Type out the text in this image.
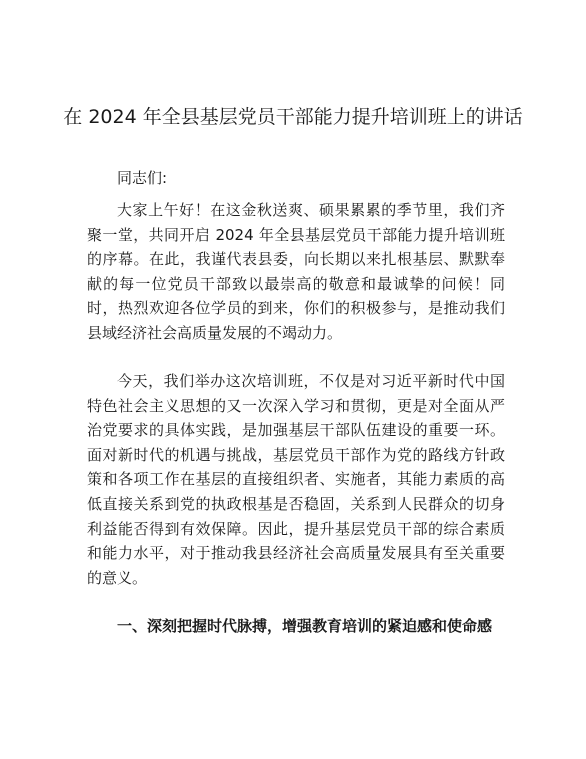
在 2024 年全县基层党员干部能力提升培训班上的讲话

同志们:

大家上午好！在这金秋送爽、硕果累累的季节里，我们齐聚一堂，共同开启 2024 年全县基层党员干部能力提升培训班的序幕。在此，我谨代表县委，向长期以来扎根基层、默默奉献的每一位党员干部致以最崇高的敬意和最诚挚的问候！同时，热烈欢迎各位学员的到来，你们的积极参与，是推动我们县域经济社会高质量发展的不竭动力。

今天，我们举办这次培训班，不仅是对习近平新时代中国特色社会主义思想的又一次深入学习和贯彻，更是对全面从严治党要求的具体实践，是加强基层干部队伍建设的重要一环。面对新时代的机遇与挑战，基层党员干部作为党的路线方针政策和各项工作在基层的直接组织者、实施者，其能力素质的高低直接关系到党的执政根基是否稳固，关系到人民群众的切身利益能否得到有效保障。因此，提升基层党员干部的综合素质和能力水平，对于推动我县经济社会高质量发展具有至关重要的意义。

一、深刻把握时代脉搏，增强教育培训的紧迫感和使命感
